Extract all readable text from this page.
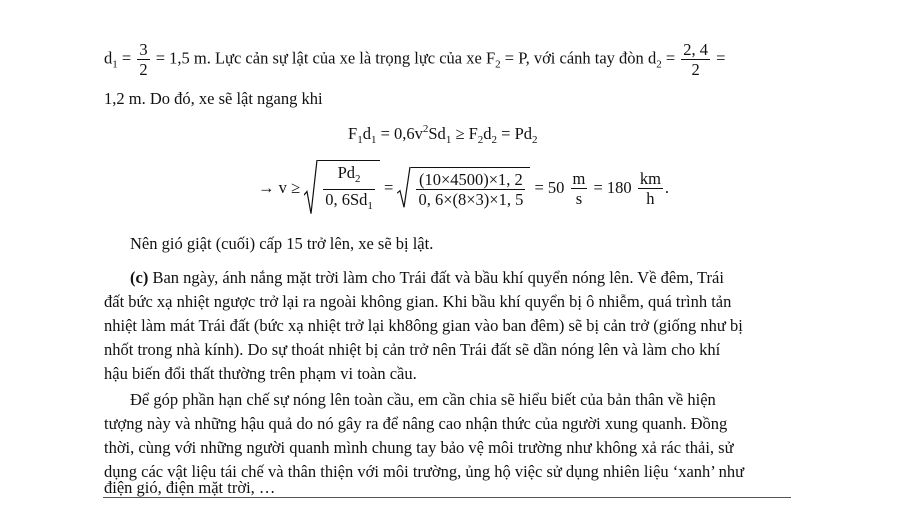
$d_1 = \frac{3}{2} = 1,5$ m. Lực cản sự lật của xe là trọng lực của xe $F_2 = P$, với cánh tay đòn $d_2 = \frac{2, 4}{2}$ =
1,2 m. Do đó, xe sẽ lật ngang khi
$F_1d_1 = 0,6v^2Sd_1 \ge F_2d_2 = Pd_2$
→ $v \ge \frac{Pd_2}{0, 6Sd_1} = \frac{(10\times 4500)\times 1, 2}{0, 6\times(8\times 3)\times 1, 5} = 50 \frac{m}{s} = 180 \frac{km}{h}$ .
Nên gió giật (cuối) cấp 15 trở lên, xe sẽ bị lật.
(c) Ban ngày, ánh nắng mặt trời làm cho Trái đất và bầu khí quyển nóng lên. Về đêm, Trái
đất bức xạ nhiệt ngược trở lại ra ngoài không gian. Khi bầu khí quyển bị ô nhiễm, quá trình tản
nhiệt làm mát Trái đất (bức xạ nhiệt trở lại kh8ông gian vào ban đêm) sẽ bị cản trở (giống như bị
nhốt trong nhà kính). Do sự thoát nhiệt bị cản trở nên Trái đất sẽ dần nóng lên và làm cho khí
hậu biến đổi thất thường trên phạm vi toàn cầu.
Để góp phần hạn chế sự nóng lên toàn cầu, em cần chia sẽ hiểu biết của bản thân về hiện
tượng này và những hậu quả do nó gây ra để nâng cao nhận thức của người xung quanh. Đồng
thời, cùng với những người quanh mình chung tay bảo vệ môi trường như không xả rác thải, sử
dụng các vật liệu tái chế và thân thiện với môi trường, ủng hộ việc sử dụng nhiên liệu ‘xanh’ như
điện gió, điện mặt trời, …
